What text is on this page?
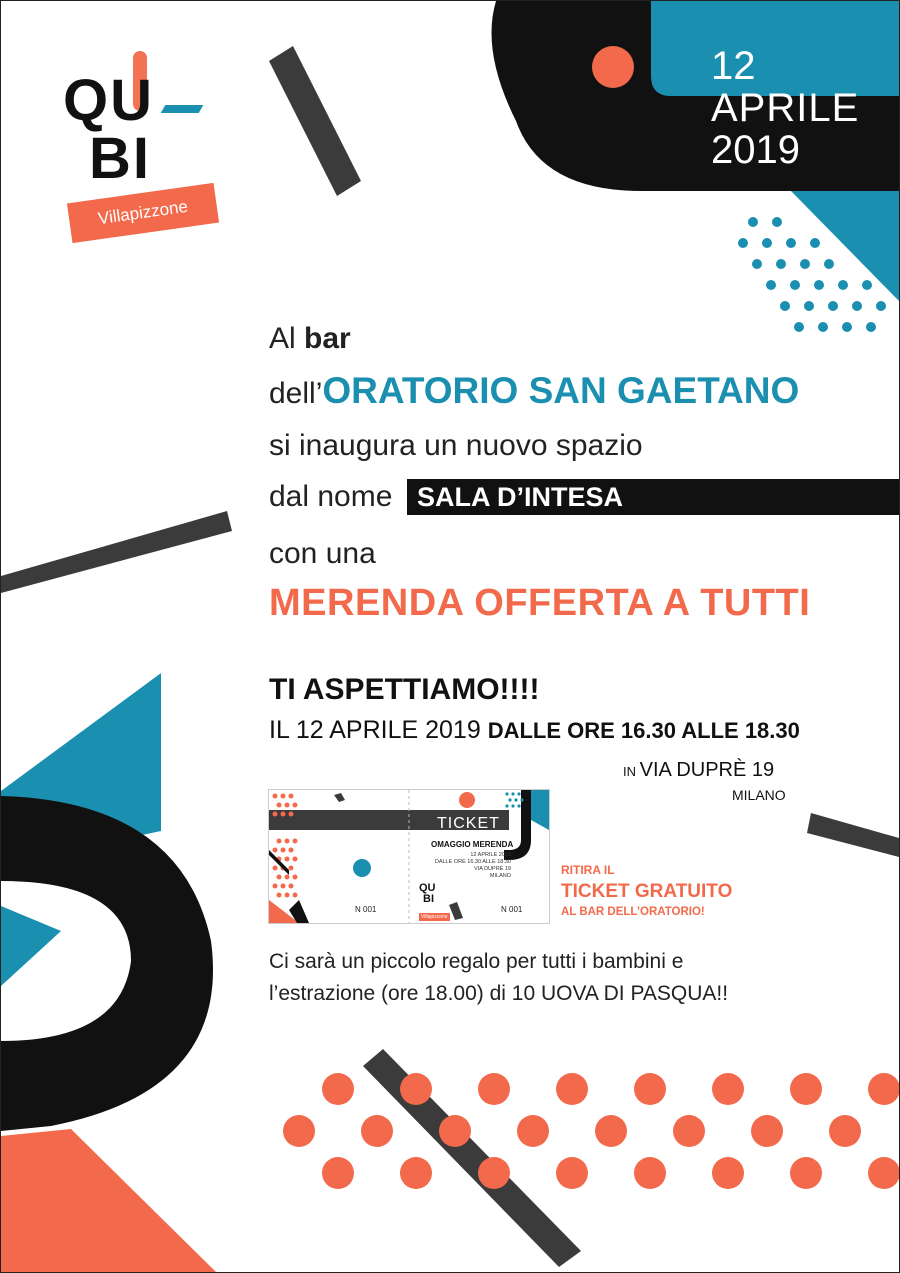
QU
BI
Villapizzone
12
APRILE
2019
Al bar
dell’ORATORIO SAN GAETANO
si inaugura un nuovo spazio
dal nome SALA D’INTESA
con una
MERENDA OFFERTA A TUTTI
TI ASPETTIAMO!!!!
IL 12 APRILE 2019 DALLE ORE 16.30 ALLE 18.30
IN VIA DUPRÈ 19
MILANO
TICKET
OMAGGIO MERENDA
12 APRILE 2019
DALLE ORE 16.30 ALLE 18.30
VIA DUPRÈ 19
MILANO
QU
BI
Villapizzone
N 001	N 001
RITIRA IL
TICKET GRATUITO
AL BAR DELL’ORATORIO!
Ci sarà un piccolo regalo per tutti i bambini e
l’estrazione (ore 18.00) di 10 UOVA DI PASQUA!!
